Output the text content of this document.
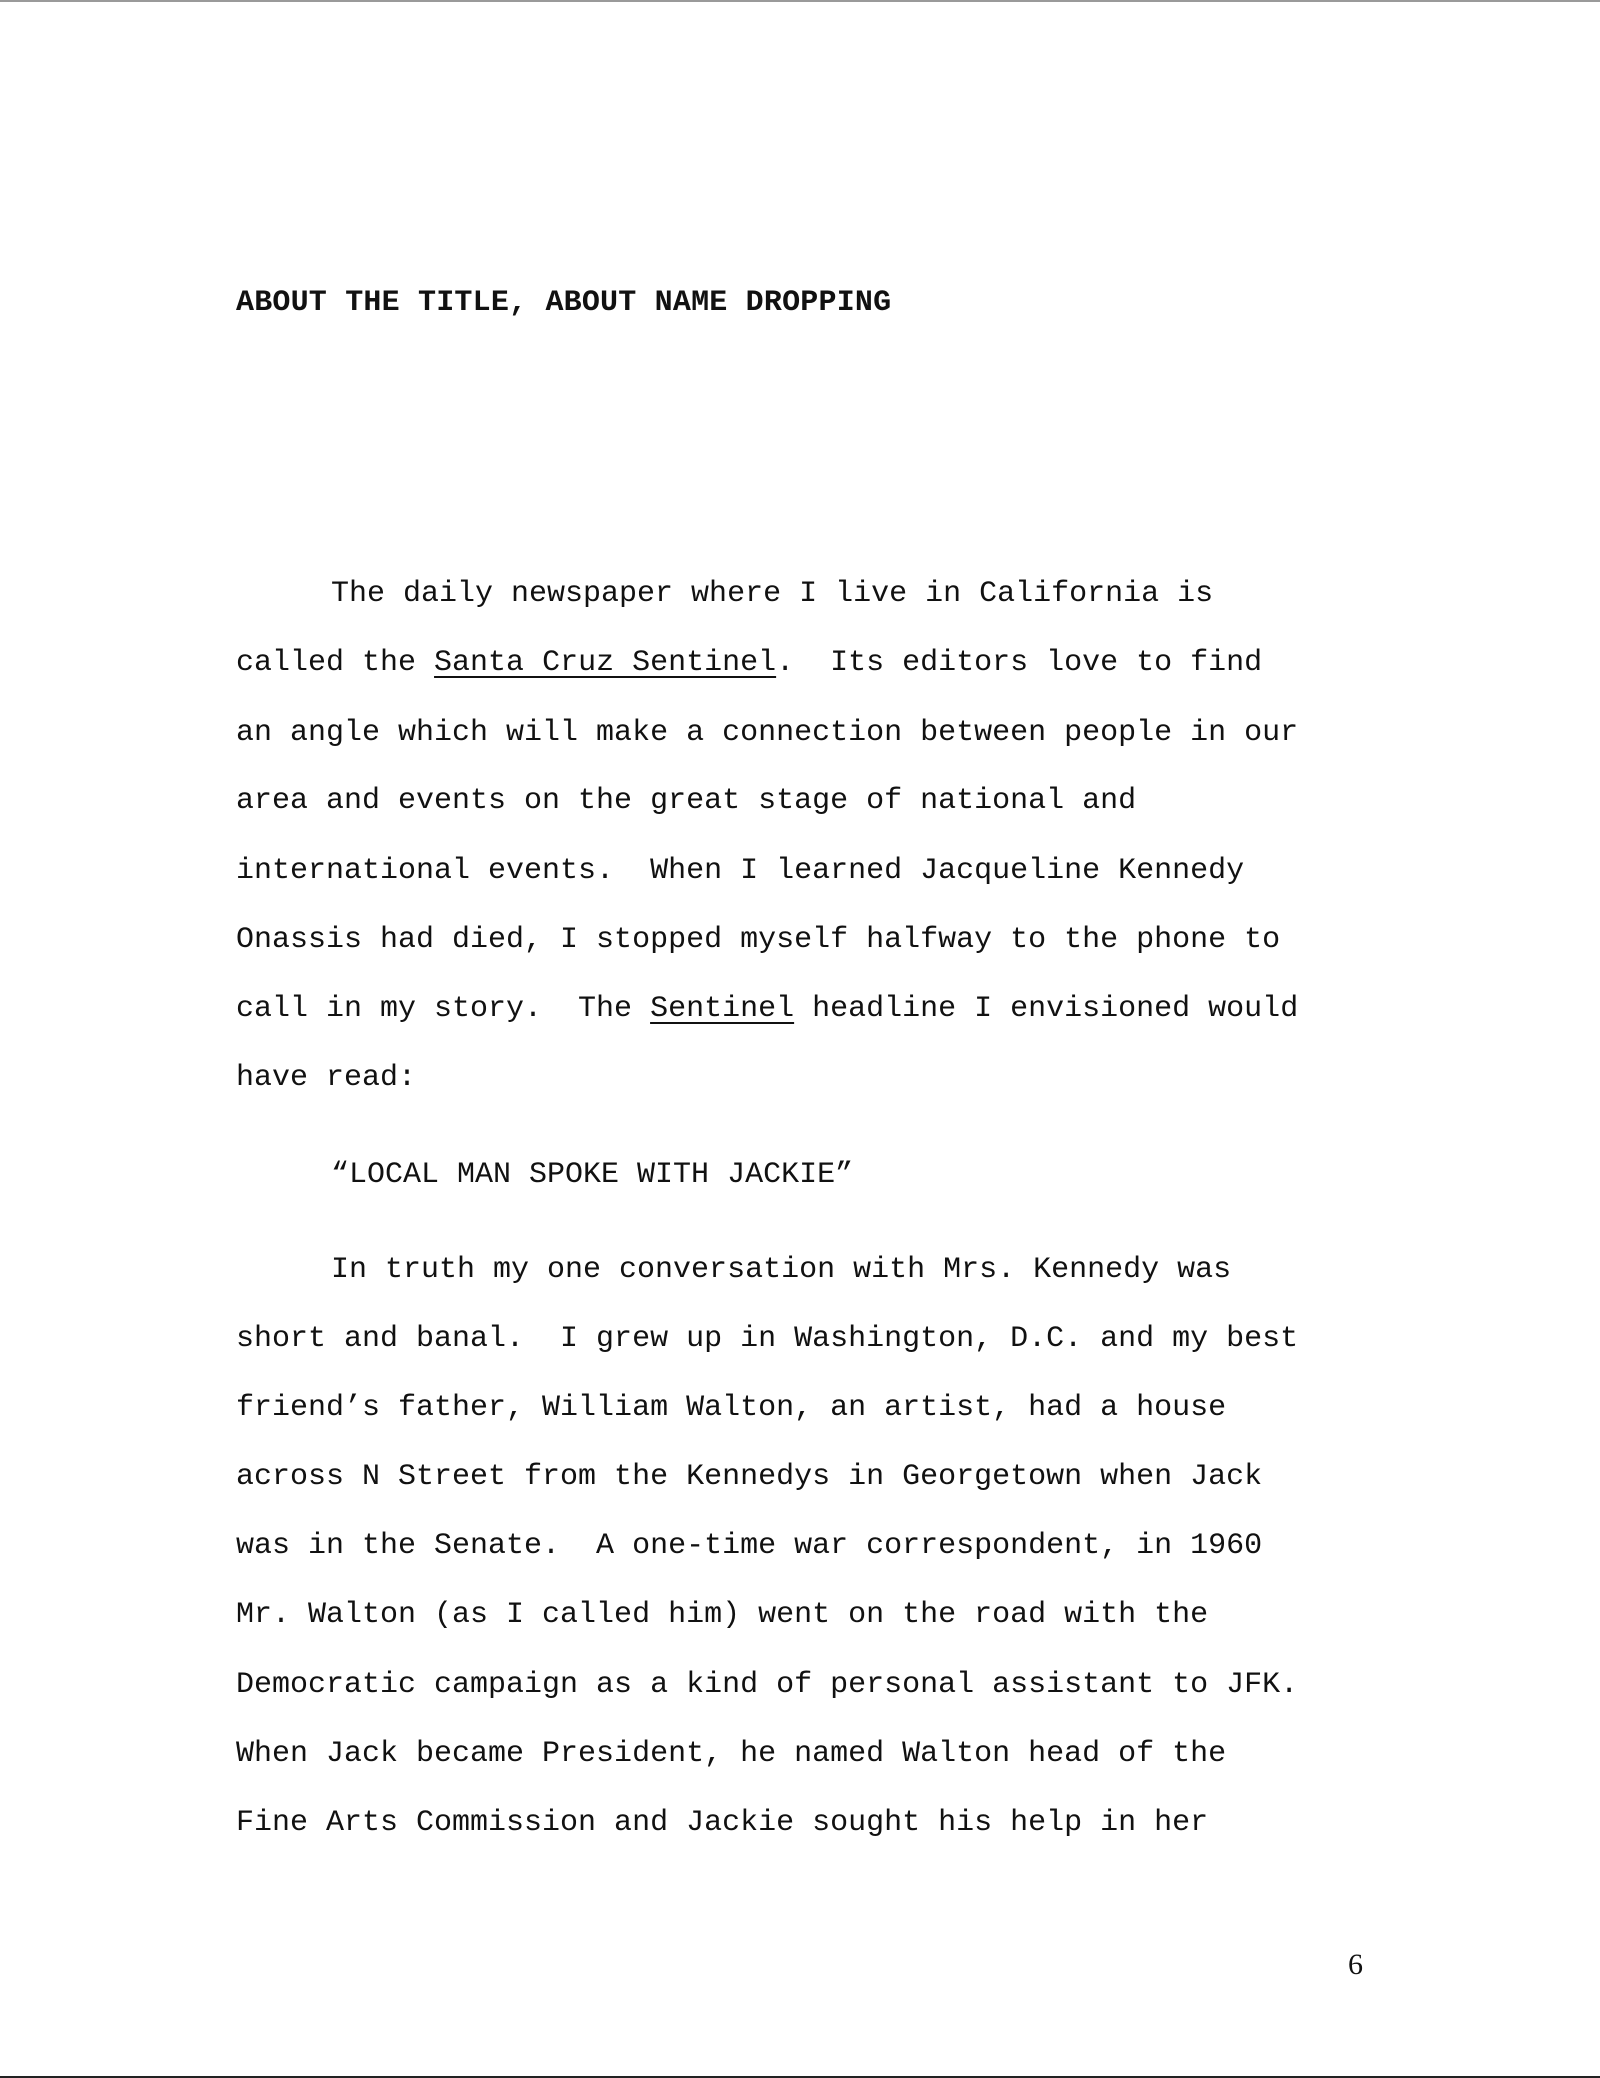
ABOUT THE TITLE, ABOUT NAME DROPPING
The daily newspaper where I live in California is
called the Santa Cruz Sentinel.  Its editors love to find
an angle which will make a connection between people in our
area and events on the great stage of national and
international events.  When I learned Jacqueline Kennedy
Onassis had died, I stopped myself halfway to the phone to
call in my story.  The Sentinel headline I envisioned would
have read:
“LOCAL MAN SPOKE WITH JACKIE”
In truth my one conversation with Mrs. Kennedy was
short and banal.  I grew up in Washington, D.C. and my best
friend’s father, William Walton, an artist, had a house
across N Street from the Kennedys in Georgetown when Jack
was in the Senate.  A one-time war correspondent, in 1960
Mr. Walton (as I called him) went on the road with the
Democratic campaign as a kind of personal assistant to JFK.
When Jack became President, he named Walton head of the
Fine Arts Commission and Jackie sought his help in her
6
